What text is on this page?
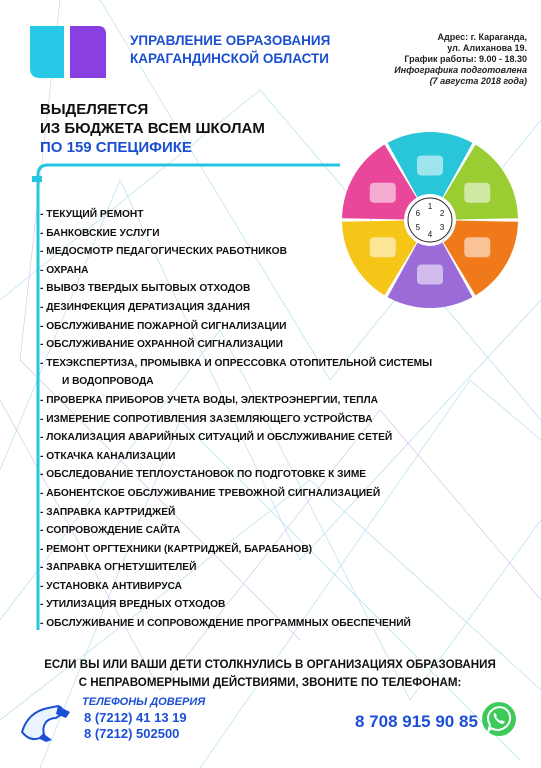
УПРАВЛЕНИЕ ОБРАЗОВАНИЯ
КАРАГАНДИНСКОЙ ОБЛАСТИ
Адрес: г. Караганда,
ул. Алиханова 19.
График работы: 9.00 - 18.30
Инфографика подготовлена
(7 августа 2018 года)
ВЫДЕЛЯЕТСЯ
ИЗ БЮДЖЕТА ВСЕМ ШКОЛАМ
ПО 159 СПЕЦИФИКЕ
1
2
3
4
5
6
- ТЕКУЩИЙ РЕМОНТ
- БАНКОВСКИЕ УСЛУГИ
- МЕДОСМОТР ПЕДАГОГИЧЕСКИХ РАБОТНИКОВ
- ОХРАНА
- ВЫВОЗ ТВЕРДЫХ БЫТОВЫХ ОТХОДОВ
- ДЕЗИНФЕКЦИЯ ДЕРАТИЗАЦИЯ ЗДАНИЯ
- ОБСЛУЖИВАНИЕ ПОЖАРНОЙ СИГНАЛИЗАЦИИ
- ОБСЛУЖИВАНИЕ ОХРАННОЙ СИГНАЛИЗАЦИИ
- ТЕХЭКСПЕРТИЗА, ПРОМЫВКА И ОПРЕССОВКА ОТОПИТЕЛЬНОЙ СИСТЕМЫ
И ВОДОПРОВОДА
- ПРОВЕРКА ПРИБОРОВ УЧЕТА ВОДЫ, ЭЛЕКТРОЭНЕРГИИ, ТЕПЛА
- ИЗМЕРЕНИЕ СОПРОТИВЛЕНИЯ ЗАЗЕМЛЯЮЩЕГО УСТРОЙСТВА
- ЛОКАЛИЗАЦИЯ АВАРИЙНЫХ СИТУАЦИЙ И ОБСЛУЖИВАНИЕ СЕТЕЙ
- ОТКАЧКА КАНАЛИЗАЦИИ
- ОБСЛЕДОВАНИЕ ТЕПЛОУСТАНОВОК ПО ПОДГОТОВКЕ К ЗИМЕ
- АБОНЕНТСКОЕ ОБСЛУЖИВАНИЕ ТРЕВОЖНОЙ СИГНАЛИЗАЦИЕЙ
- ЗАПРАВКА КАРТРИДЖЕЙ
- СОПРОВОЖДЕНИЕ САЙТА
- РЕМОНТ ОРГТЕХНИКИ (КАРТРИДЖЕЙ, БАРАБАНОВ)
- ЗАПРАВКА ОГНЕТУШИТЕЛЕЙ
- УСТАНОВКА АНТИВИРУСА
- УТИЛИЗАЦИЯ ВРЕДНЫХ ОТХОДОВ
- ОБСЛУЖИВАНИЕ И СОПРОВОЖДЕНИЕ ПРОГРАММНЫХ ОБЕСПЕЧЕНИЙ
ЕСЛИ ВЫ ИЛИ ВАШИ ДЕТИ СТОЛКНУЛИСЬ В ОРГАНИЗАЦИЯХ ОБРАЗОВАНИЯ
С НЕПРАВОМЕРНЫМИ ДЕЙСТВИЯМИ, ЗВОНИТЕ ПО ТЕЛЕФОНАМ:
ТЕЛЕФОНЫ ДОВЕРИЯ
8 (7212) 41 13 19
8 (7212) 502500
8 708 915 90 85
